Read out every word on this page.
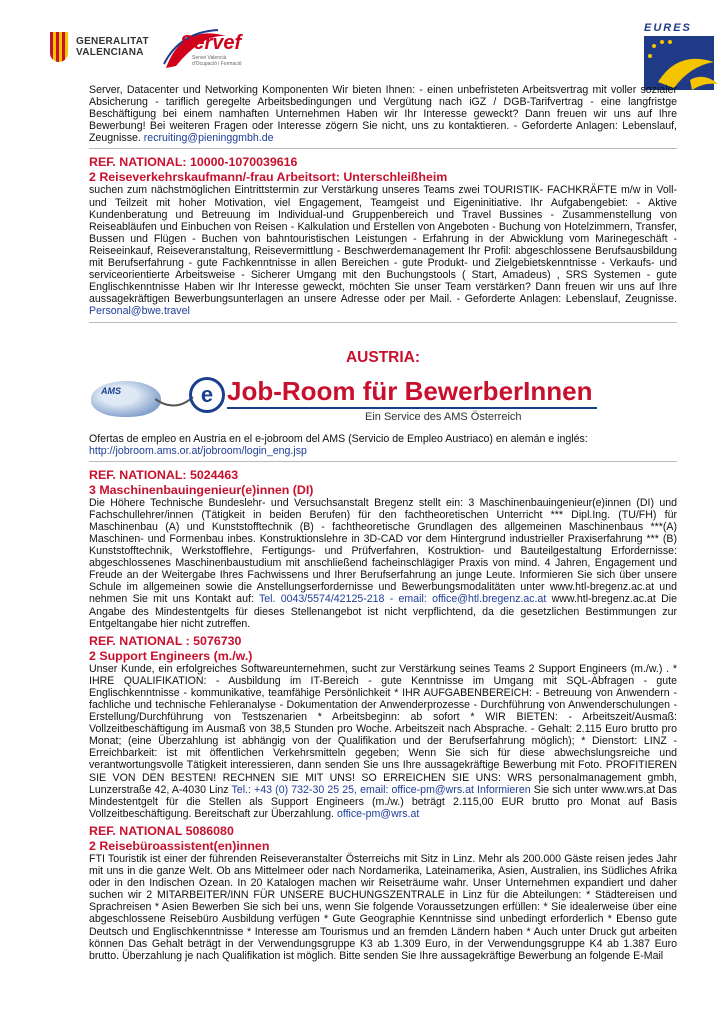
GENERALITAT
VALENCIANA Servef
Servei Valencià d'Ocupació i Formació
EURES

Server, Datacenter und Networking Komponenten Wir bieten Ihnen: - einen unbefristeten Arbeitsvertrag mit voller sozialer Absicherung - tariflich geregelte Arbeitsbedingungen und Vergütung nach iGZ / DGB-Tarifvertrag - eine langfristge Beschäftigung bei einem namhaften Unternehmen Haben wir Ihr Interesse geweckt? Dann freuen wir uns auf Ihre Bewerbung! Bei weiteren Fragen oder Interesse zögern Sie nicht, uns zu kontaktieren. - Geforderte Anlagen: Lebenslauf, Zeugnisse. recruiting@pieninggmbh.de

REF. NATIONAL: 10000-1070039616
2 Reiseverkehrskaufmann/-frau Arbeitsort: Unterschleißheim

suchen zum nächstmöglichen Eintrittstermin zur Verstärkung unseres Teams zwei TOURISTIK- FACHKRÄFTE m/w in Voll- und Teilzeit mit hoher Motivation, viel Engagement, Teamgeist und Eigeninitiative. Ihr Aufgabengebiet: - Aktive Kundenberatung und Betreuung im Individual-und Gruppenbereich und Travel Bussines - Zusammenstellung von Reiseabläufen und Einbuchen von Reisen - Kalkulation und Erstellen von Angeboten - Buchung von Hotelzimmern, Transfer, Bussen und Flügen - Buchen von bahntouristischen Leistungen - Erfahrung in der Abwicklung vom Marinegeschäft - Reiseeinkauf, Reiseveranstaltung, Reisevermittlung - Beschwerdemanagement Ihr Profil: abgeschlossene Berufsausbildung mit Berufserfahrung - gute Fachkenntnisse in allen Bereichen - gute Produkt- und Zielgebietskenntnisse - Verkaufs- und serviceorientierte Arbeitsweise - Sicherer Umgang mit den Buchungstools ( Start, Amadeus) , SRS Systemen - gute Englischkenntnisse Haben wir Ihr Interesse geweckt, möchten Sie unser Team verstärken? Dann freuen wir uns auf Ihre aussagekräftigen Bewerbungsunterlagen an unsere Adresse oder per Mail. - Geforderte Anlagen: Lebenslauf, Zeugnisse. Personal@bwe.travel

AUSTRIA:
AMS	e Job-Room für BewerberInnen
Ein Service des AMS Österreich

Ofertas de empleo en Austria en el e-jobroom del AMS (Servicio de Empleo Austriaco) en alemán e inglés:
http://jobroom.ams.or.at/jobroom/login_eng.jsp

REF. NATIONAL: 5024463
3 Maschinenbauingenieur(e)innen (DI)

Die Höhere Technische Bundeslehr- und Versuchsanstalt Bregenz stellt ein: 3 Maschinenbauingenieur(e)innen (DI) und Fachschullehrer/innen (Tätigkeit in beiden Berufen) für den fachtheoretischen Unterricht *** Dipl.Ing. (TU/FH) für Maschinenbau (A) und Kunststofftechnik (B) - fachtheoretische Grundlagen des allgemeinen Maschinenbaus ***(A) Maschinen- und Formenbau inbes. Konstruktionslehre in 3D-CAD vor dem Hintergrund industrieller Praxiserfahrung *** (B) Kunststofftechnik, Werkstofflehre, Fertigungs- und Prüfverfahren, Kostruktion- und Bauteilgestaltung Erfordernisse: abgeschlossenes Maschinenbaustudium mit anschließend facheinschlägiger Praxis von mind. 4 Jahren, Engagement und Freude an der Weitergabe Ihres Fachwissens und Ihrer Berufserfahrung an junge Leute. Informieren Sie sich über unsere Schule im allgemeinen sowie die Anstellungserfordernisse und Bewerbungsmodalitäten unter www.htl-bregenz.ac.at und nehmen Sie mit uns Kontakt auf: Tel. 0043/5574/42125-218 - email: office@htl.bregenz.ac.at www.htl-bregenz.ac.at Die Angabe des Mindestentgelts für dieses Stellenangebot ist nicht verpflichtend, da die gesetzlichen Bestimmungen zur Entgeltangabe hier nicht zutreffen.

REF. NATIONAL : 5076730
2 Support Engineers (m./w.)

Unser Kunde, ein erfolgreiches Softwareunternehmen, sucht zur Verstärkung seines Teams 2 Support Engineers (m./w.) . * IHRE QUALIFIKATION: - Ausbildung im IT-Bereich - gute Kenntnisse im Umgang mit SQL-Abfragen - gute Englischkenntnisse - kommunikative, teamfähige Persönlichkeit * IHR AUFGABENBEREICH: - Betreuung von Anwendern - fachliche und technische Fehleranalyse - Dokumentation der Anwenderprozesse - Durchführung von Anwenderschulungen - Erstellung/Durchführung von Testszenarien * Arbeitsbeginn: ab sofort * WIR BIETEN: - Arbeitszeit/Ausmaß: Vollzeitbeschäftigung im Ausmaß von 38,5 Stunden pro Woche. Arbeitszeit nach Absprache. - Gehalt: 2.115 Euro brutto pro Monat; (eine Überzahlung ist abhängig von der Qualifikation und der Berufserfahrung möglich); * Dienstort: LINZ - Erreichbarkeit: ist mit öffentlichen Verkehrsmitteln gegeben; Wenn Sie sich für diese abwechslungsreiche und verantwortungsvolle Tätigkeit interessieren, dann senden Sie uns Ihre aussagekräftige Bewerbung mit Foto. PROFITIEREN SIE VON DEN BESTEN! RECHNEN SIE MIT UNS! SO ERREICHEN SIE UNS: WRS personalmanagement gmbh, Lunzerstraße 42, A-4030 Linz Tel.: +43 (0) 732-30 25 25, email: office-pm@wrs.at Informieren Sie sich unter www.wrs.at Das Mindestentgelt für die Stellen als Support Engineers (m./w.) beträgt 2.115,00 EUR brutto pro Monat auf Basis Vollzeitbeschäftigung. Bereitschaft zur Überzahlung. office-pm@wrs.at

REF. NATIONAL 5086080
2 Reisebüroassistent(en)innen

FTI Touristik ist einer der führenden Reiseveranstalter Österreichs mit Sitz in Linz. Mehr als 200.000 Gäste reisen jedes Jahr mit uns in die ganze Welt. Ob ans Mittelmeer oder nach Nordamerika, Lateinamerika, Asien, Australien, ins Südliches Afrika oder in den Indischen Ozean. In 20 Katalogen machen wir Reiseträume wahr. Unser Unternehmen expandiert und daher suchen wir 2 MITARBEITER/INN FÜR UNSERE BUCHUNGSZENTRALE in Linz für die Abteilungen: * Städtereisen und Sprachreisen * Asien Bewerben Sie sich bei uns, wenn Sie folgende Voraussetzungen erfüllen: * Sie idealerweise über eine abgeschlossene Reisebüro Ausbildung verfügen * Gute Geographie Kenntnisse sind unbedingt erforderlich * Ebenso gute Deutsch und Englischkenntnisse * Interesse am Tourismus und an fremden Ländern haben * Auch unter Druck gut arbeiten können Das Gehalt beträgt in der Verwendungsgruppe K3 ab 1.309 Euro, in der Verwendungsgruppe K4 ab 1.387 Euro brutto. Überzahlung je nach Qualifikation ist möglich. Bitte senden Sie Ihre aussagekräftige Bewerbung an folgende E-Mail
